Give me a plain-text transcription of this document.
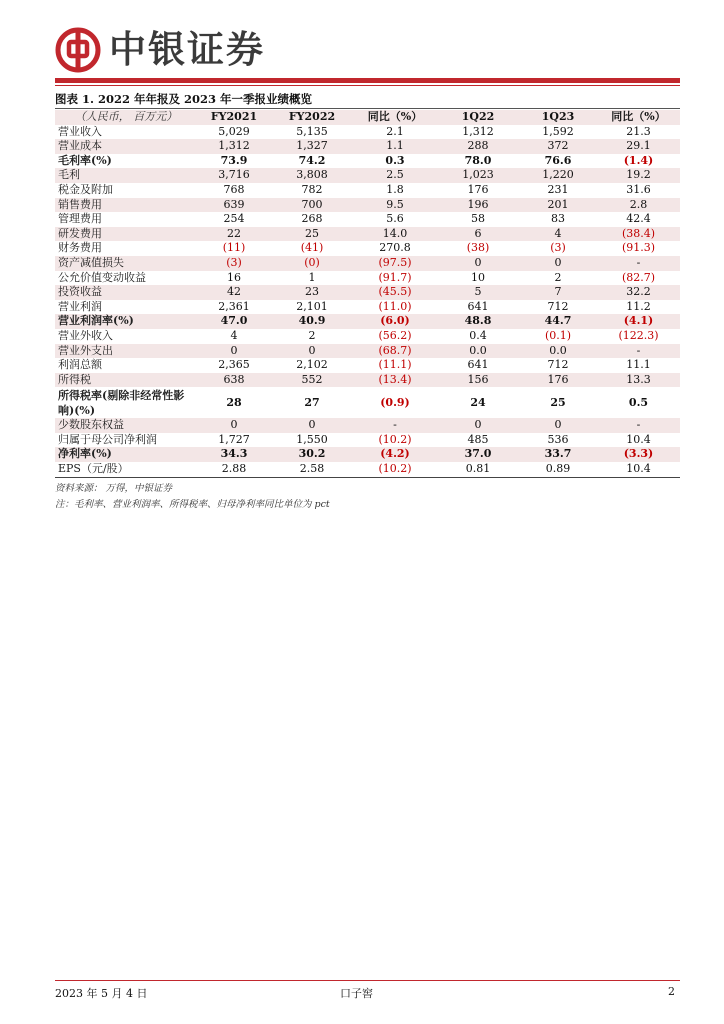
中银证券
图表 1. 2022 年年报及 2023 年一季报业绩概览
（人民币， 百万元）	FY2021	FY2022	同比（%）	1Q22	1Q23	同比（%）
营业收入	5,029	5,135	2.1	1,312	1,592	21.3
营业成本	1,312	1,327	1.1	288	372	29.1
毛利率(%)	73.9	74.2	0.3	78.0	76.6	(1.4)
毛利	3,716	3,808	2.5	1,023	1,220	19.2
税金及附加	768	782	1.8	176	231	31.6
销售费用	639	700	9.5	196	201	2.8
管理费用	254	268	5.6	58	83	42.4
研发费用	22	25	14.0	6	4	(38.4)
财务费用	(11)	(41)	270.8	(38)	(3)	(91.3)
资产减值损失	(3)	(0)	(97.5)	0	0	-
公允价值变动收益	16	1	(91.7)	10	2	(82.7)
投资收益	42	23	(45.5)	5	7	32.2
营业利润	2,361	2,101	(11.0)	641	712	11.2
营业利润率(%)	47.0	40.9	(6.0)	48.8	44.7	(4.1)
营业外收入	4	2	(56.2)	0.4	(0.1)	(122.3)
营业外支出	0	0	(68.7)	0.0	0.0	-
利润总额	2,365	2,102	(11.1)	641	712	11.1
所得税	638	552	(13.4)	156	176	13.3
所得税率(剔除非经常性影响)(%)	28	27	(0.9)	24	25	0.5
少数股东权益	0	0	-	0	0	-
归属于母公司净利润	1,727	1,550	(10.2)	485	536	10.4
净利率(%)	34.3	30.2	(4.2)	37.0	33.7	(3.3)
EPS（元/股）	2.88	2.58	(10.2)	0.81	0.89	10.4
资料来源： 万得，中银证券
注：毛利率、营业利润率、所得税率、归母净利率同比单位为 pct
2023 年 5 月 4 日	口子窖	2
